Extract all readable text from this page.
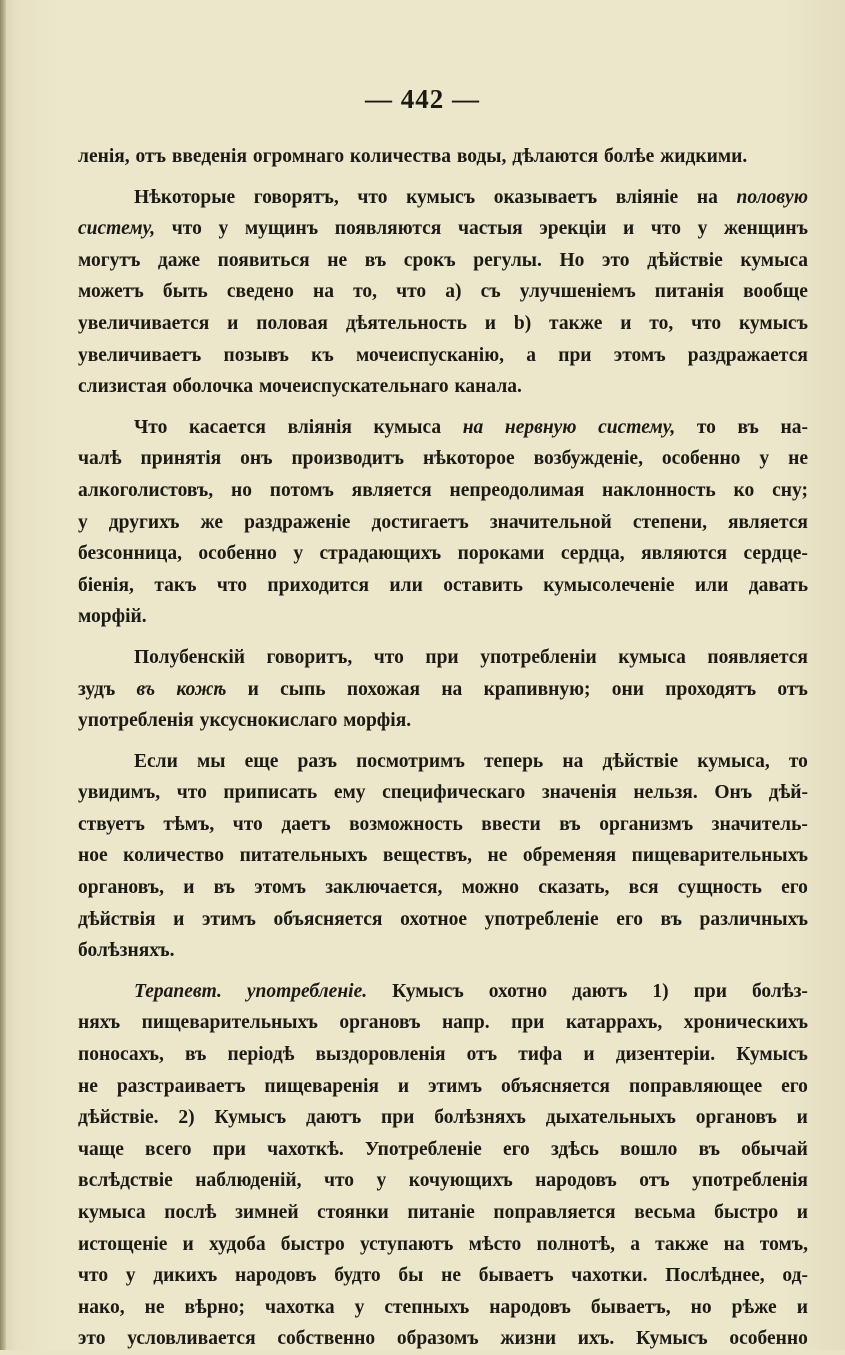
— 442 —
ленія, отъ введенія огромнаго количества воды, дѣлаются болѣе жидкими.
Нѣкоторые говорятъ, что кумысъ оказываетъ вліяніе на половую
систему, что у мущинъ появляются частыя эрекціи и что у женщинъ
могутъ даже появиться не въ срокъ регулы. Но это дѣйствіе кумыса
можетъ быть сведено на то, что a) съ улучшеніемъ питанія вообще
увеличивается и половая дѣятельность и b) также и то, что кумысъ
увеличиваетъ позывъ къ мочеиспусканію, а при этомъ раздражается
слизистая оболочка мочеиспускательнаго канала.
Что касается вліянія кумыса на нервную систему, то въ на-
чалѣ принятія онъ производитъ нѣкоторое возбужденіе, особенно у не
алкоголистовъ, но потомъ является непреодолимая наклонность ко сну;
у другихъ же раздраженіе достигаетъ значительной степени, является
безсонница, особенно у страдающихъ пороками сердца, являются сердце-
біенія, такъ что приходится или оставить кумысолеченіе или давать
морфій.
Полубенскій говоритъ, что при употребленіи кумыса появляется
зудъ въ кожѣ и сыпь похожая на крапивную; они проходятъ отъ
употребленія уксуснокислаго морфія.
Если мы еще разъ посмотримъ теперь на дѣйствіе кумыса, то
увидимъ, что приписать ему специфическаго значенія нельзя. Онъ дѣй-
ствуетъ тѣмъ, что даетъ возможность ввести въ организмъ значитель-
ное количество питательныхъ веществъ, не обременяя пищеварительныхъ
органовъ, и въ этомъ заключается, можно сказать, вся сущность его
дѣйствія и этимъ объясняется охотное употребленіе его въ различныхъ
болѣзняхъ.
Терапевт. употребленіе. Кумысъ охотно даютъ 1) при болѣз-
няхъ пищеварительныхъ органовъ напр. при катаррахъ, хроническихъ
поносахъ, въ періодѣ выздоровленія отъ тифа и дизентеріи. Кумысъ
не разстраиваетъ пищеваренія и этимъ объясняется поправляющее его
дѣйствіе. 2) Кумысъ даютъ при болѣзняхъ дыхательныхъ органовъ и
чаще всего при чахоткѣ. Употребленіе его здѣсь вошло въ обычай
вслѣдствіе наблюденій, что у кочующихъ народовъ отъ употребленія
кумыса послѣ зимней стоянки питаніе поправляется весьма быстро и
истощеніе и худоба быстро уступаютъ мѣсто полнотѣ, а также на томъ,
что у дикихъ народовъ будто бы не бываетъ чахотки. Послѣднее, од-
нако, не вѣрно; чахотка у степныхъ народовъ бываетъ, но рѣже и
это условливается собственно образомъ жизни ихъ. Кумысъ особенно
